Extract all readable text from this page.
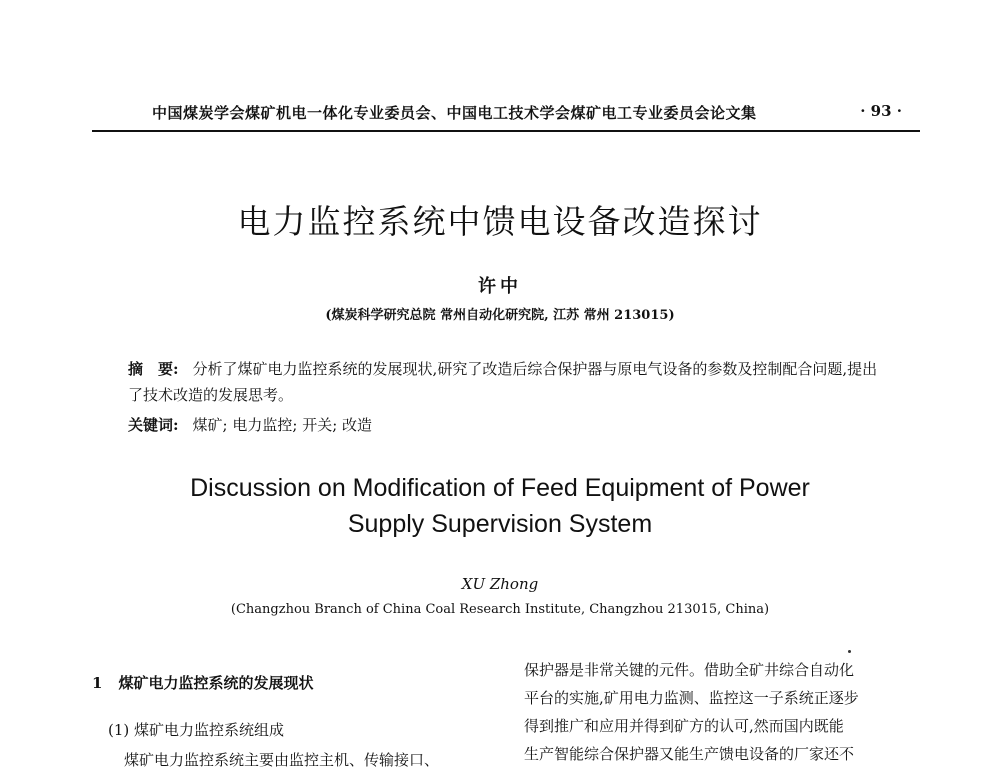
中国煤炭学会煤矿机电一体化专业委员会、中国电工技术学会煤矿电工专业委员会论文集	· 93 ·
电力监控系统中馈电设备改造探讨
许中
(煤炭科学研究总院 常州自动化研究院, 江苏 常州 213015)
摘　要: 分析了煤矿电力监控系统的发展现状,研究了改造后综合保护器与原电气设备的参数及控制配合问题,提出了技术改造的发展思考。
关键词: 煤矿; 电力监控; 开关; 改造
Discussion on Modification of Feed Equipment of Power
Supply Supervision System
XU Zhong
(Changzhou Branch of China Coal Research Institute, Changzhou 213015, China)
1 煤矿电力监控系统的发展现状
(1) 煤矿电力监控系统组成
煤矿电力监控系统主要由监控主机、传输接口、
保护器是非常关键的元件。借助全矿井综合自动化
平台的实施,矿用电力监测、监控这一子系统正逐步
得到推广和应用并得到矿方的认可,然而国内既能
生产智能综合保护器又能生产馈电设备的厂家还不
